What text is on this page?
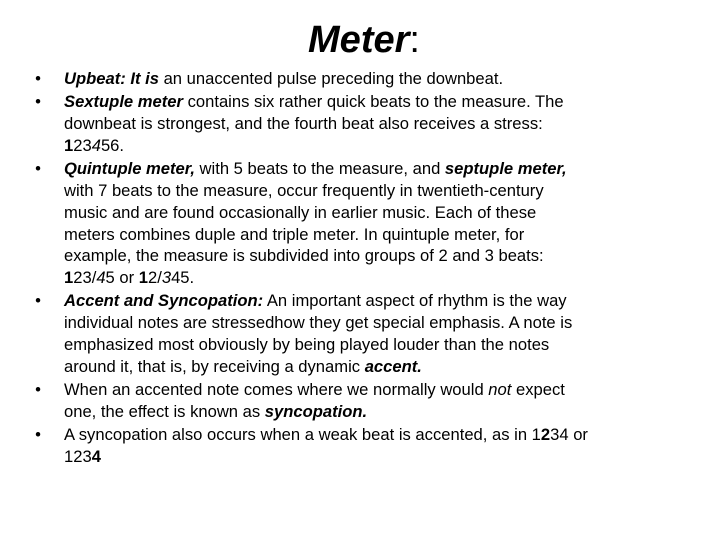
Meter:
•	Upbeat: It is an unaccented pulse preceding the downbeat.
•	Sextuple meter contains six rather quick beats to the measure. The
downbeat is strongest, and the fourth beat also receives a stress:
123456.
•	Quintuple meter, with 5 beats to the measure, and septuple meter,
with 7 beats to the measure, occur frequently in twentieth-century
music and are found occasionally in earlier music. Each of these
meters combines duple and triple meter. In quintuple meter, for
example, the measure is subdivided into groups of 2 and 3 beats:
123/45 or 12/345.
•	Accent and Syncopation: An important aspect of rhythm is the way
individual notes are stressedhow they get special emphasis. A note is
emphasized most obviously by being played louder than the notes
around it, that is, by receiving a dynamic accent.
•	When an accented note comes where we normally would not expect
one, the effect is known as syncopation.
•	A syncopation also occurs when a weak beat is accented, as in 1234 or
1234
